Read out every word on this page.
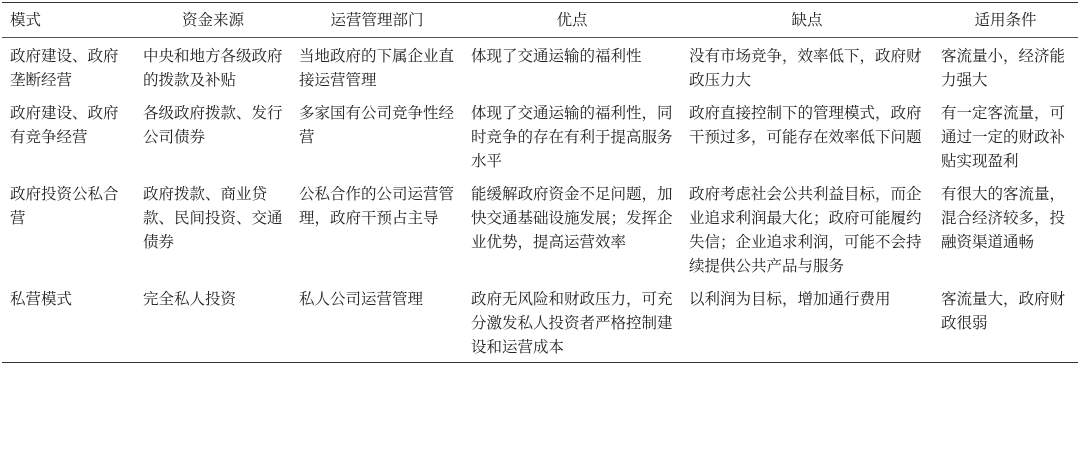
模式	资金来源	运营管理部门	优点	缺点	适用条件
政府建设、政府垄断经营	中央和地方各级政府的拨款及补贴	当地政府的下属企业直接运营管理	体现了交通运输的福利性	没有市场竞争，效率低下，政府财政压力大	客流量小，经济能力强大
政府建设、政府有竞争经营	各级政府拨款、发行公司债券	多家国有公司竞争性经营	体现了交通运输的福利性，同时竞争的存在有利于提高服务水平	政府直接控制下的管理模式，政府干预过多，可能存在效率低下问题	有一定客流量，可通过一定的财政补贴实现盈利
政府投资公私合营	政府拨款、商业贷款、民间投资、交通债券	公私合作的公司运营管理，政府干预占主导	能缓解政府资金不足问题，加快交通基础设施发展；发挥企业优势，提高运营效率	政府考虑社会公共利益目标，而企业追求利润最大化；政府可能履约失信；企业追求利润，可能不会持续提供公共产品与服务	有很大的客流量，混合经济较多，投融资渠道通畅
私营模式	完全私人投资	私人公司运营管理	政府无风险和财政压力，可充分激发私人投资者严格控制建设和运营成本	以利润为目标，增加通行费用	客流量大，政府财政很弱
